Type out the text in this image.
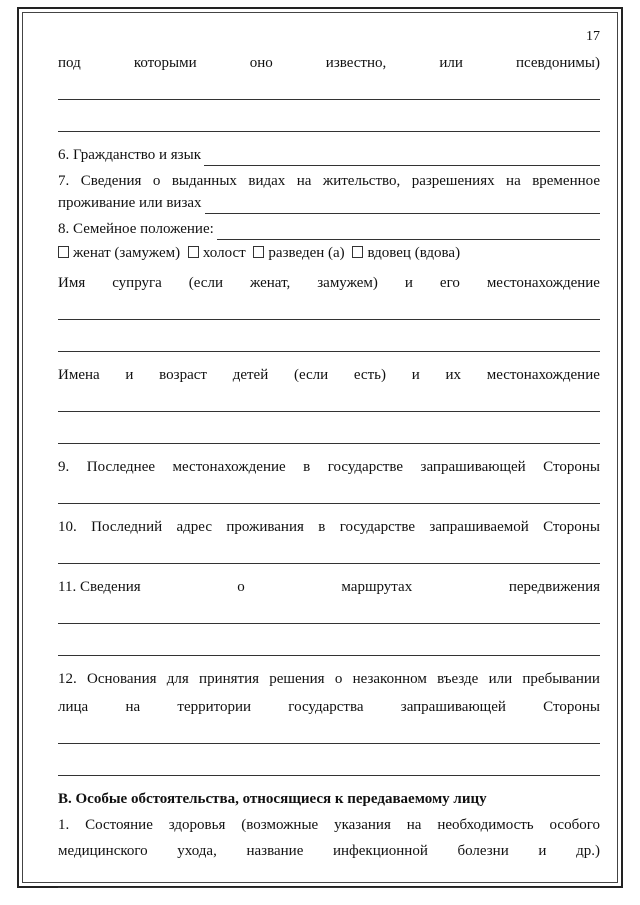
17
под	которыми	оно	известно,	или	псевдонимы)
6. Гражданство и язык
7. Сведения о выданных видах на жительство, разрешениях на временное
проживание или визах
8. Семейное положение:
женат (замужем) холост разведен (а) вдовец (вдова)
Имя супруга (если женат, замужем) и его местонахождение
Имена и возраст детей (если есть) и их местонахождение
9. Последнее местонахождение в государстве запрашивающей Стороны
10. Последний адрес проживания в государстве запрашиваемой Стороны
11. Сведения	о	маршрутах	передвижения
12. Основания для принятия решения о незаконном въезде или пребывании
лица на территории государства запрашивающей Стороны
В. Особые обстоятельства, относящиеся к передаваемому лицу
1. Состояние здоровья (возможные указания на необходимость особого
медицинского ухода, название инфекционной болезни и др.)
